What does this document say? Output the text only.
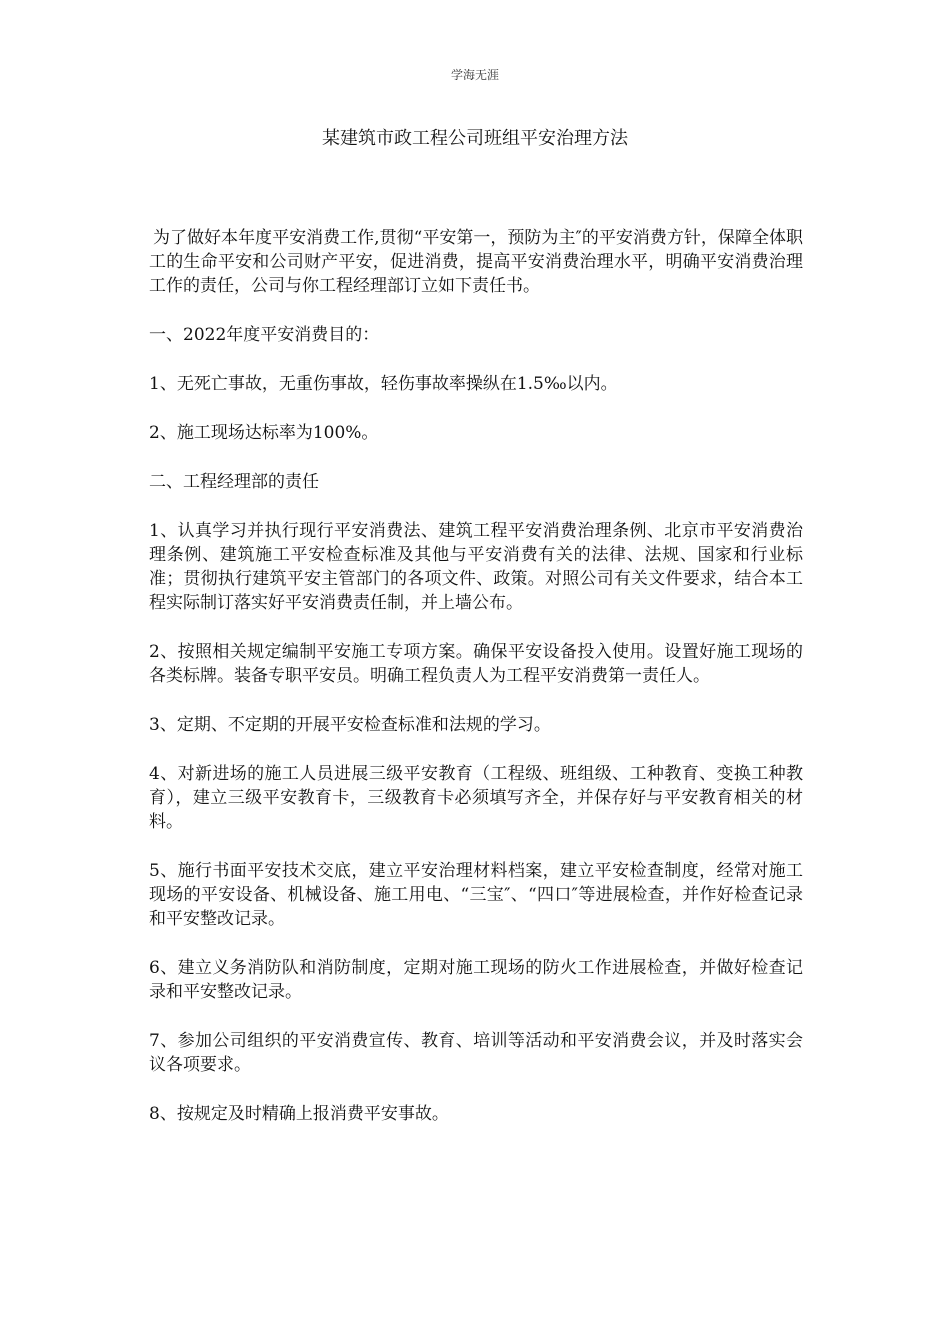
学海无涯
某建筑市政工程公司班组平安治理方法

为了做好本年度平安消费工作,贯彻“平安第一，预防为主″的平安消费方针，保障全体职工的生命平安和公司财产平安，促进消费，提高平安消费治理水平，明确平安消费治理工作的责任，公司与你工程经理部订立如下责任书。

一、2022年度平安消费目的：

1、无死亡事故，无重伤事故，轻伤事故率操纵在1.5‰以内。

2、施工现场达标率为100%。

二、工程经理部的责任

1、认真学习并执行现行平安消费法、建筑工程平安消费治理条例、北京市平安消费治理条例、建筑施工平安检查标准及其他与平安消费有关的法律、法规、国家和行业标准；贯彻执行建筑平安主管部门的各项文件、政策。对照公司有关文件要求，结合本工程实际制订落实好平安消费责任制，并上墙公布。

2、按照相关规定编制平安施工专项方案。确保平安设备投入使用。设置好施工现场的各类标牌。装备专职平安员。明确工程负责人为工程平安消费第一责任人。

3、定期、不定期的开展平安检查标准和法规的学习。

4、对新进场的施工人员进展三级平安教育（工程级、班组级、工种教育、变换工种教育），建立三级平安教育卡，三级教育卡必须填写齐全，并保存好与平安教育相关的材料。

5、施行书面平安技术交底，建立平安治理材料档案，建立平安检查制度，经常对施工现场的平安设备、机械设备、施工用电、“三宝″、“四口″等进展检查，并作好检查记录和平安整改记录。

6、建立义务消防队和消防制度，定期对施工现场的防火工作进展检查，并做好检查记录和平安整改记录。

7、参加公司组织的平安消费宣传、教育、培训等活动和平安消费会议，并及时落实会议各项要求。

8、按规定及时精确上报消费平安事故。
